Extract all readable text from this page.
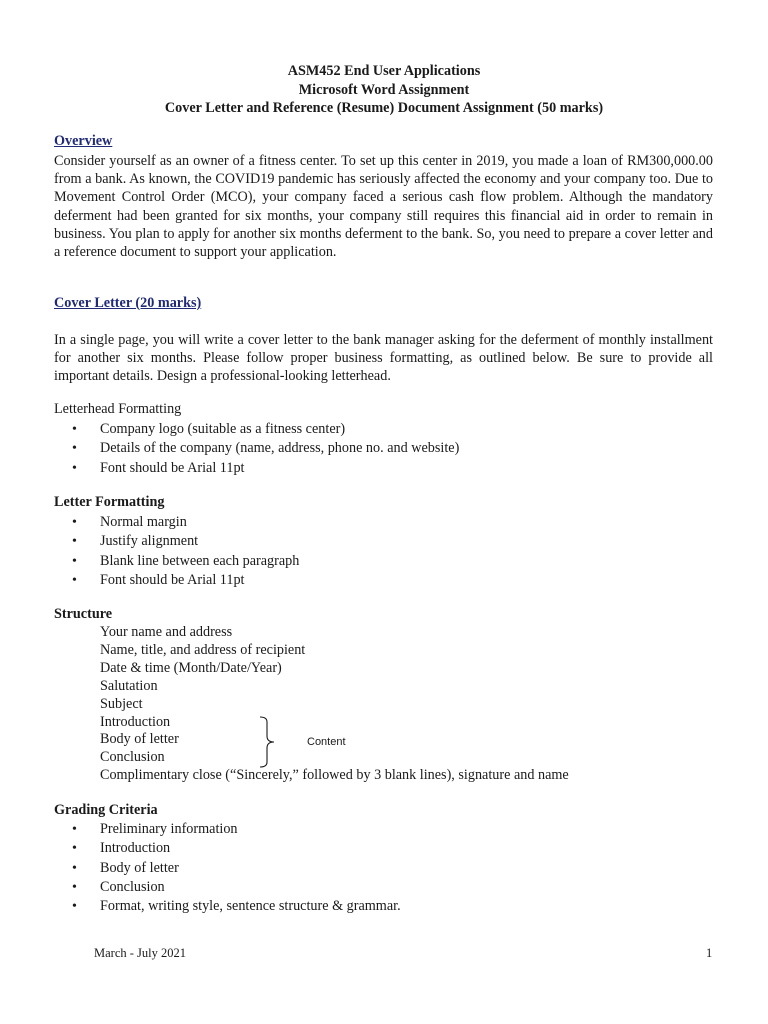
ASM452 End User Applications
Microsoft Word Assignment
Cover Letter and Reference (Resume) Document Assignment (50 marks)
Overview
Consider yourself as an owner of a fitness center. To set up this center in 2019, you made a loan of RM300,000.00 from a bank. As known, the COVID19 pandemic has seriously affected the economy and your company too. Due to Movement Control Order (MCO), your company faced a serious cash flow problem. Although the mandatory deferment had been granted for six months, your company still requires this financial aid in order to remain in business. You plan to apply for another six months deferment to the bank. So, you need to prepare a cover letter and a reference document to support your application.
Cover Letter (20 marks)
In a single page, you will write a cover letter to the bank manager asking for the deferment of monthly installment for another six months. Please follow proper business formatting, as outlined below. Be sure to provide all important details. Design a professional-looking letterhead.
Letterhead Formatting
• Company logo (suitable as a fitness center)
• Details of the company (name, address, phone no. and website)
• Font should be Arial 11pt
Letter Formatting
• Normal margin
• Justify alignment
• Blank line between each paragraph
• Font should be Arial 11pt
Structure
Your name and address
Name, title, and address of recipient
Date & time (Month/Date/Year)
Salutation
Subject
Introduction
Body of letter
Conclusion
Complimentary close (“Sincerely,” followed by 3 blank lines), signature and name
Content
Grading Criteria
• Preliminary information
• Introduction
• Body of letter
• Conclusion
• Format, writing style, sentence structure & grammar.
March - July 2021	1
